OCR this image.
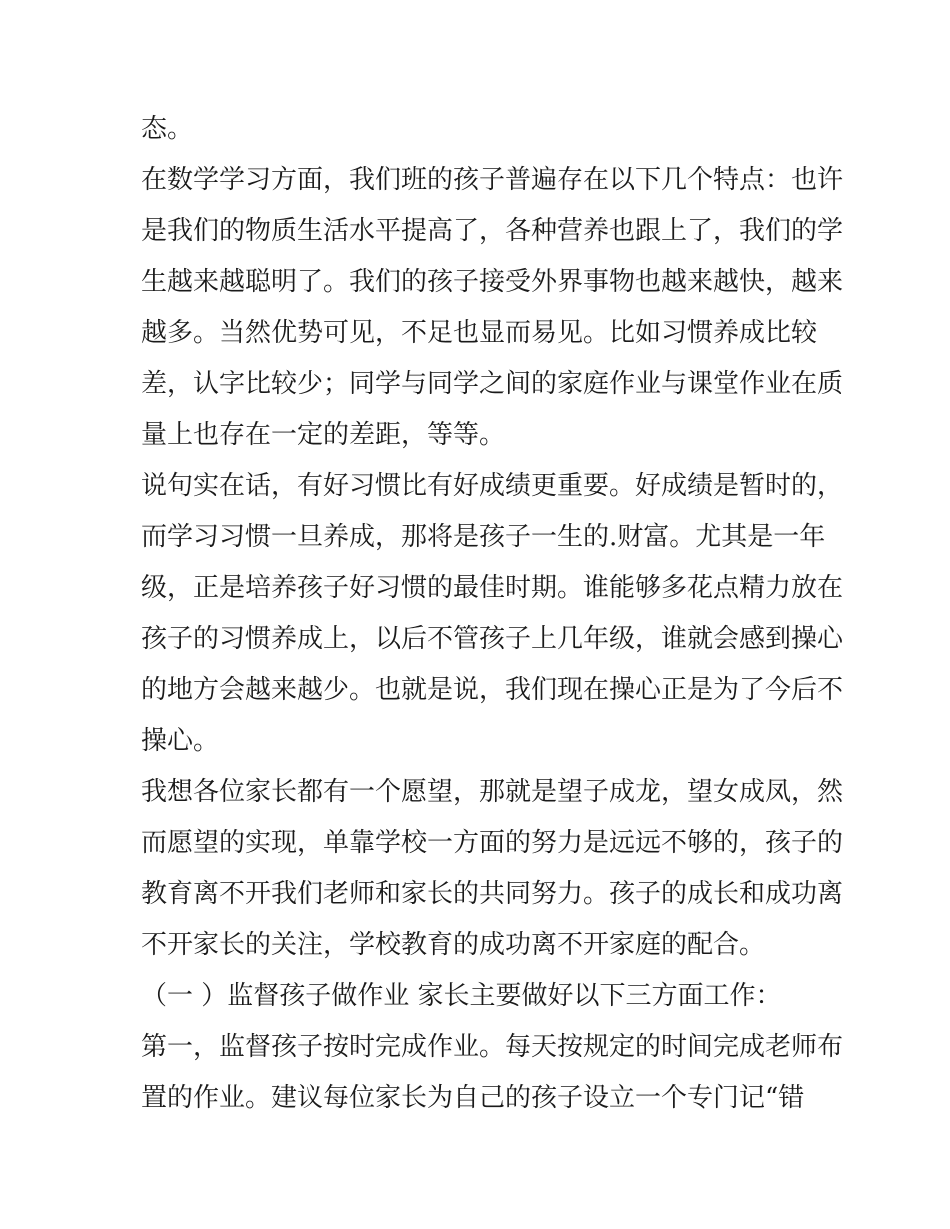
态。
在数学学习方面，我们班的孩子普遍存在以下几个特点：也许
是我们的物质生活水平提高了，各种营养也跟上了，我们的学
生越来越聪明了。我们的孩子接受外界事物也越来越快，越来
越多。当然优势可见，不足也显而易见。比如习惯养成比较
差，认字比较少；同学与同学之间的家庭作业与课堂作业在质
量上也存在一定的差距，等等。
说句实在话，有好习惯比有好成绩更重要。好成绩是暂时的，
而学习习惯一旦养成，那将是孩子一生的.财富。尤其是一年
级，正是培养孩子好习惯的最佳时期。谁能够多花点精力放在
孩子的习惯养成上，以后不管孩子上几年级，谁就会感到操心
的地方会越来越少。也就是说，我们现在操心正是为了今后不
操心。
我想各位家长都有一个愿望，那就是望子成龙，望女成凤，然
而愿望的实现，单靠学校一方面的努力是远远不够的，孩子的
教育离不开我们老师和家长的共同努力。孩子的成长和成功离
不开家长的关注，学校教育的成功离不开家庭的配合。
（一 ）监督孩子做作业 家长主要做好以下三方面工作：
第一，监督孩子按时完成作业。每天按规定的时间完成老师布
置的作业。建议每位家长为自己的孩子设立一个专门记“错
